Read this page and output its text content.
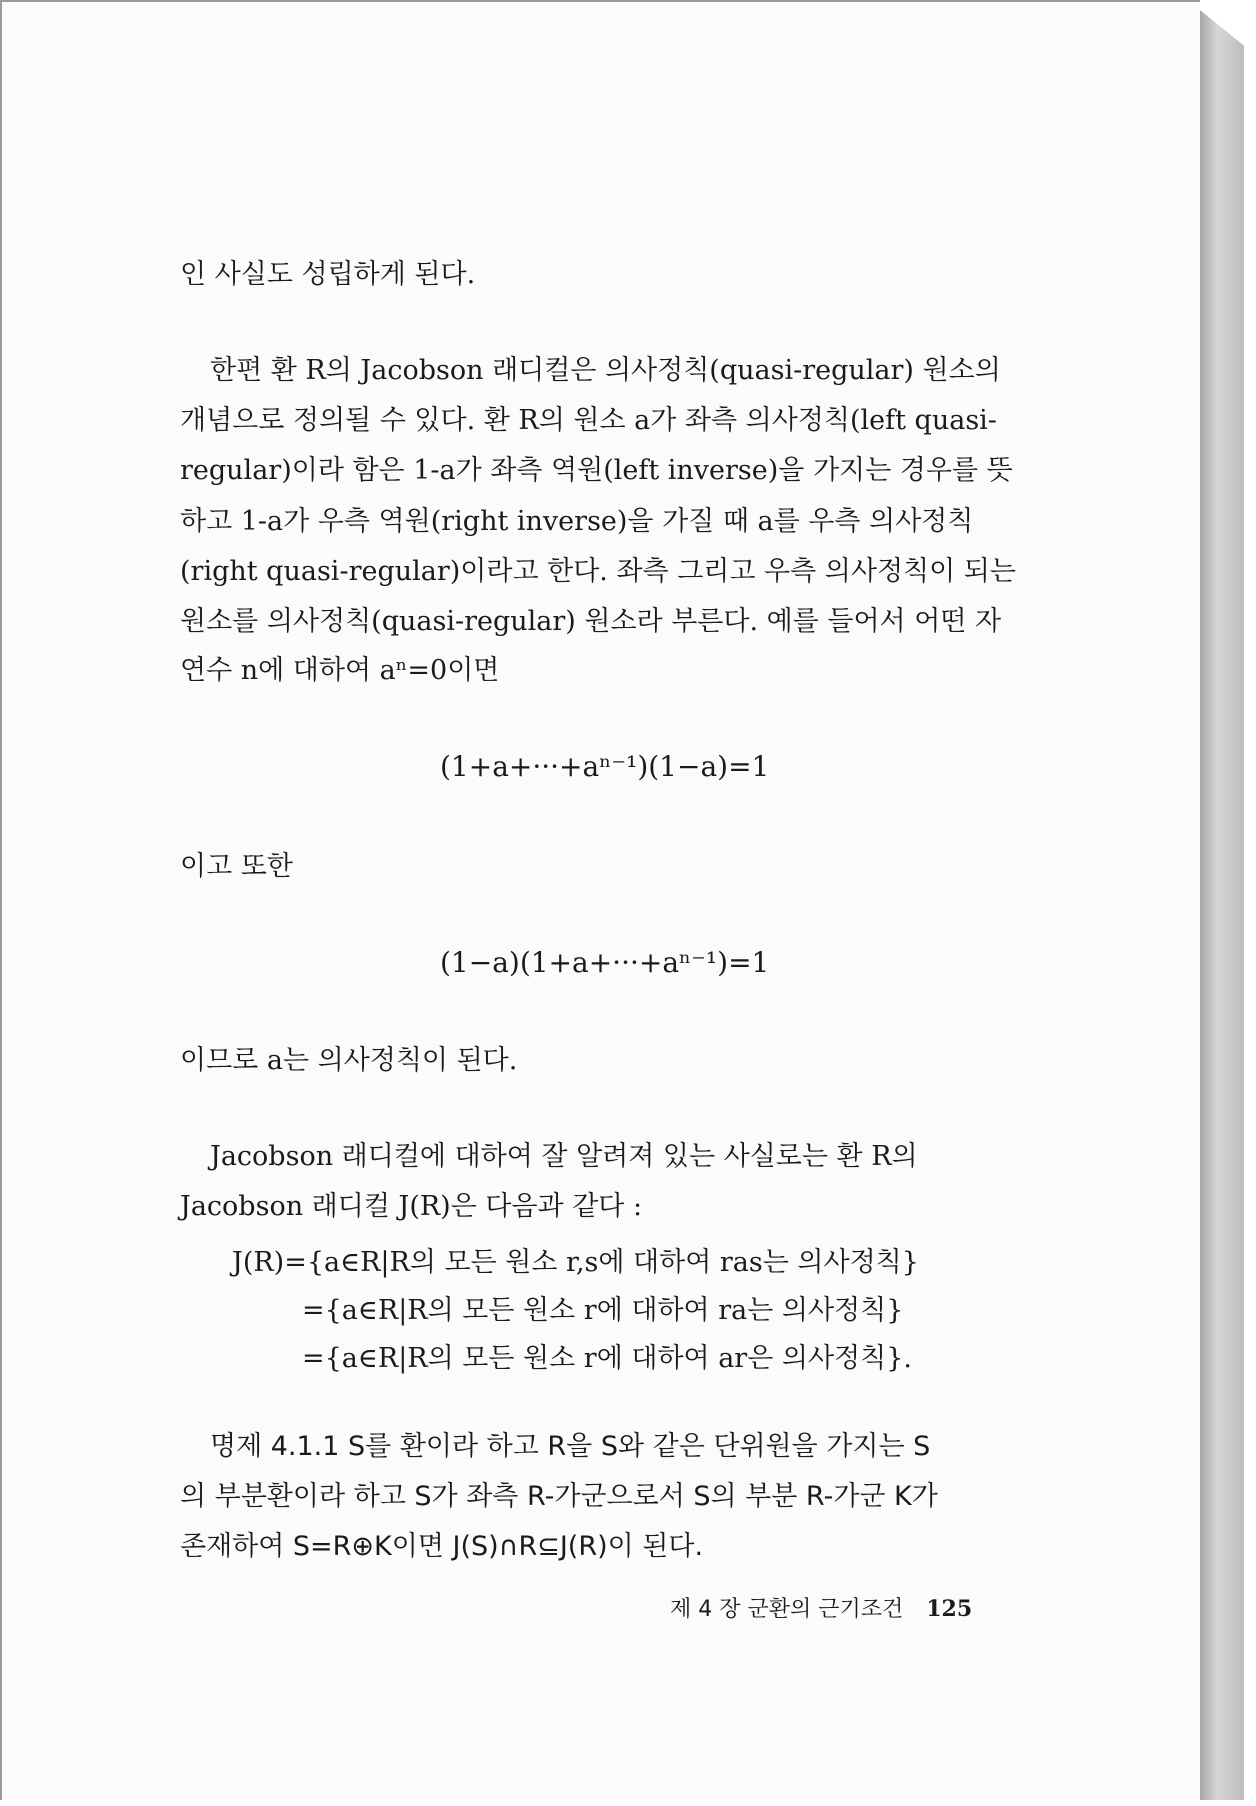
인 사실도 성립하게 된다.
한편 환 R의 Jacobson 래디컬은 의사정칙(quasi-regular) 원소의
개념으로 정의될 수 있다. 환 R의 원소 a가 좌측 의사정칙(left quasi-
regular)이라 함은 1-a가 좌측 역원(left inverse)을 가지는 경우를 뜻
하고 1-a가 우측 역원(right inverse)을 가질 때 a를 우측 의사정칙
(right quasi-regular)이라고 한다. 좌측 그리고 우측 의사정칙이 되는
원소를 의사정칙(quasi-regular) 원소라 부른다. 예를 들어서 어떤 자
연수 n에 대하여 aⁿ=0이면
(1+a+···+aⁿ⁻¹)(1−a)=1
이고 또한
(1−a)(1+a+···+aⁿ⁻¹)=1
이므로 a는 의사정칙이 된다.
Jacobson 래디컬에 대하여 잘 알려져 있는 사실로는 환 R의
Jacobson 래디컬 J(R)은 다음과 같다 :
J(R)={a∈R|R의 모든 원소 r,s에 대하여 ras는 의사정칙}
={a∈R|R의 모든 원소 r에 대하여 ra는 의사정칙}
={a∈R|R의 모든 원소 r에 대하여 ar은 의사정칙}.
명제 4.1.1 S를 환이라 하고 R을 S와 같은 단위원을 가지는 S
의 부분환이라 하고 S가 좌측 R-가군으로서 S의 부분 R-가군 K가
존재하여 S=R⊕K이면 J(S)∩R⊆J(R)이 된다.
제 4 장 군환의 근기조건 125
